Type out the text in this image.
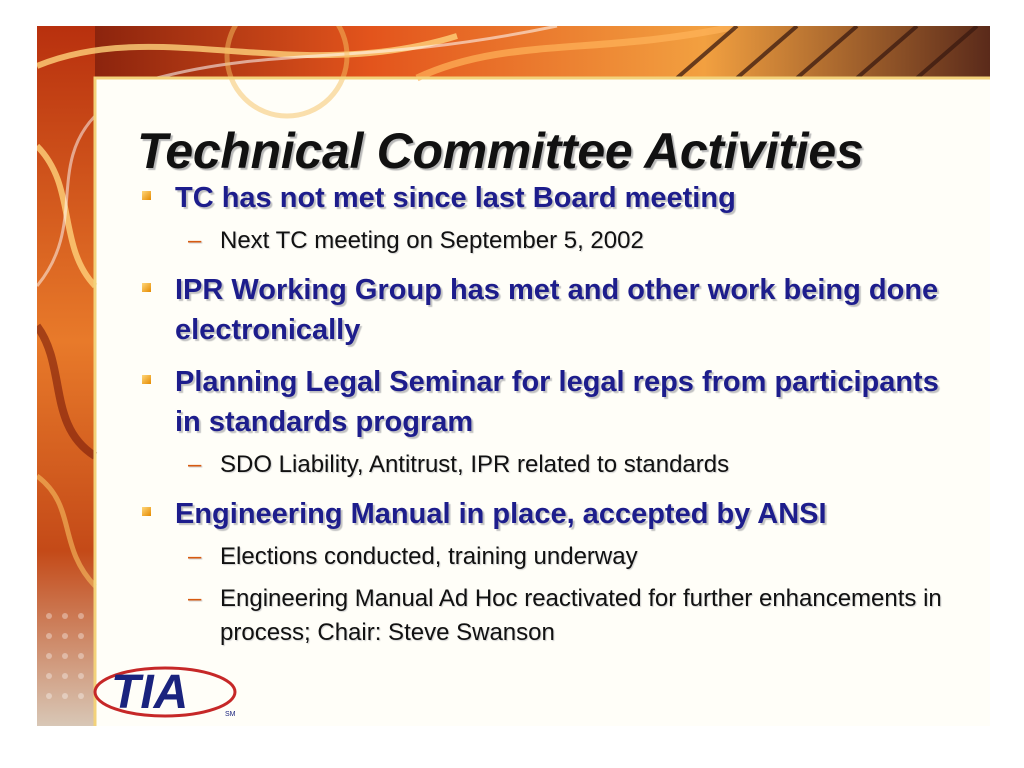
Technical Committee Activities
TC has not met since last Board meeting
– Next TC meeting on September 5, 2002
IPR Working Group has met and other work being done electronically
Planning Legal Seminar for legal reps from participants in standards program
– SDO Liability, Antitrust, IPR related to standards
Engineering Manual in place, accepted by ANSI
– Elections conducted, training underway
– Engineering Manual Ad Hoc reactivated for further enhancements in process; Chair: Steve Swanson
TIA	SM
